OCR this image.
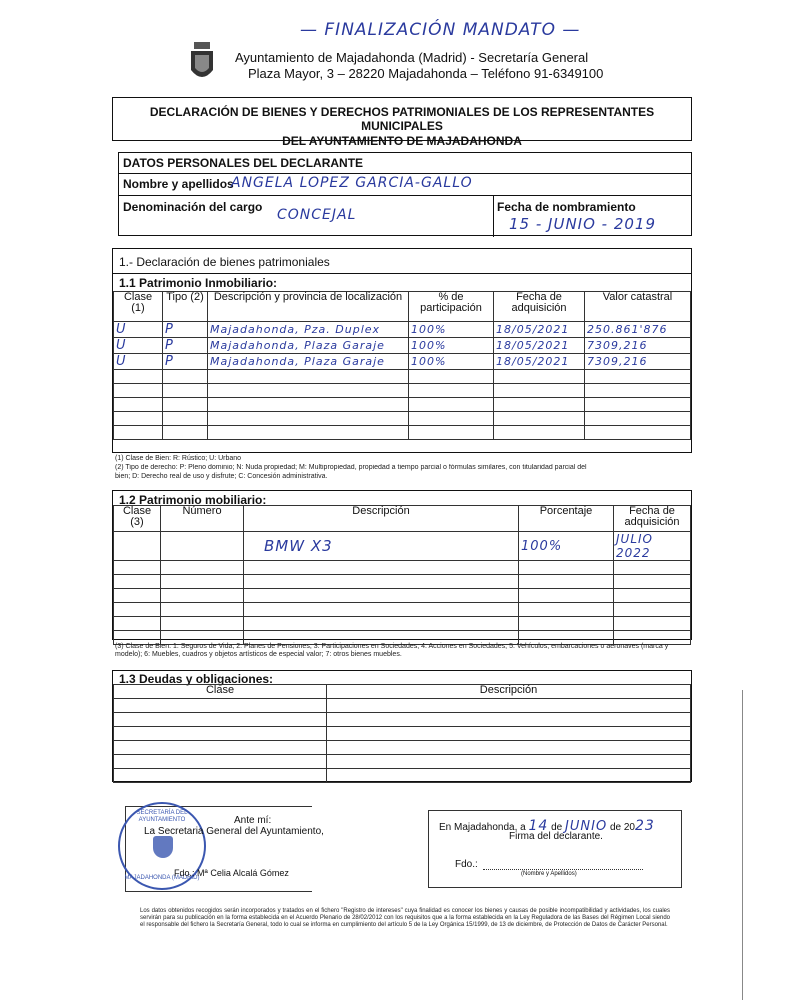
— FINALIZACIÓN MANDATO —
Ayuntamiento de Majadahonda (Madrid) - Secretaría General
Plaza Mayor, 3 – 28220 Majadahonda – Teléfono 91-6349100
DECLARACIÓN DE BIENES Y DERECHOS PATRIMONIALES DE LOS REPRESENTANTES MUNICIPALES
DEL AYUNTAMIENTO DE MAJADAHONDA
DATOS PERSONALES DEL DECLARANTE
Nombre y apellidos
ANGELA LOPEZ GARCIA-GALLO
Denominación del cargo CONCEJAL	Fecha de nombramiento
15 - JUNIO - 2019
1.- Declaración de bienes patrimoniales
1.1 Patrimonio Inmobiliario:
Clase (1)	Tipo (2)	Descripción y provincia de localización	% de participación	Fecha de adquisición	Valor catastral
U	P	Majadahonda, Pza. Duplex	100%	18/05/2021	250.861'876
U	P	Majadahonda, Plaza Garaje	100%	18/05/2021	7309,216
U	P	Majadahonda, Plaza Garaje	100%	18/05/2021	7309,216

(1) Clase de Bien: R: Rústico; U: Urbano
(2) Tipo de derecho: P: Pleno dominio; N: Nuda propiedad; M: Multipropiedad, propiedad a tiempo parcial o fórmulas similares, con titularidad parcial del
bien; D: Derecho real de uso y disfrute; C: Concesión administrativa.
1.2 Patrimonio mobiliario:
Clase (3)	Número	Descripción	Porcentaje	Fecha de adquisición
		BMW X3	100%	JULIO 2022

(3) Clase de Bien: 1: Seguros de Vida; 2: Planes de Pensiones; 3: Participaciones en Sociedades; 4: Acciones en Sociedades; 5: Vehículos, embarcaciones o aeronaves (marca y modelo); 6: Muebles, cuadros y objetos artísticos de especial valor; 7: otros bienes muebles.
1.3 Deudas y obligaciones:
Clase	Descripción

SECRETARÍA DEL AYUNTAMIENTO
MAJADAHONDA (MADRID)
Ante mí:
La Secretaria General del Ayuntamiento,
Fdo.: Mª Celia Alcalá Gómez
En Majadahonda, a 14 de JUNIO de 2023
Firma del declarante.
Fdo.:
(Nombre y Apellidos)
Los datos obtenidos recogidos serán incorporados y tratados en el fichero "Registro de intereses" cuya finalidad es conocer los bienes y causas de posible incompatibilidad y actividades, los cuales servirán para su publicación en la forma establecida en el Acuerdo Plenario de 28/02/2012 con los requisitos que a la forma establecida en la Ley Reguladora de las Bases del Régimen Local siendo el responsable del fichero la Secretaría General, todo lo cual se informa en cumplimiento del artículo 5 de la Ley Orgánica 15/1999, de 13 de diciembre, de Protección de Datos de Carácter Personal.
